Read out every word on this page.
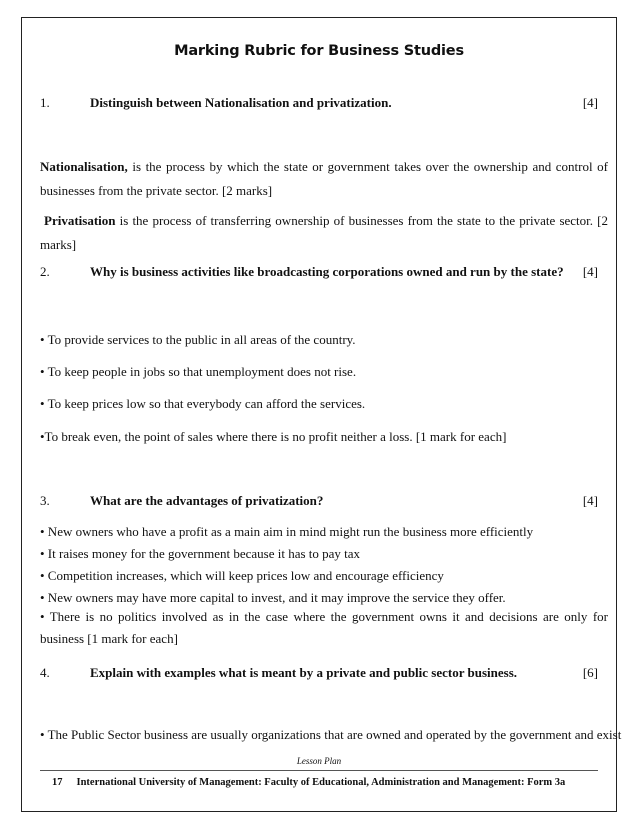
Marking Rubric for Business Studies
1.	Distinguish between Nationalisation and privatization.	[4]
Nationalisation, is the process by which the state or government takes over the ownership and control of businesses from the private sector. [2 marks]
Privatisation is the process of transferring ownership of businesses from the state to the private sector. [2 marks]
2.	Why is business activities like broadcasting corporations owned and run by the state? [4]
• To provide services to the public in all areas of the country.
• To keep people in jobs so that unemployment does not rise.
• To keep prices low so that everybody can afford the services.
•To break even, the point of sales where there is no profit neither a loss. [1 mark for each]
3.	What are the advantages of privatization?	[4]
• New owners who have a profit as a main aim in mind might run the business more efficiently
• It raises money for the government because it has to pay tax
• Competition increases, which will keep prices low and encourage efficiency
• New owners may have more capital to invest, and it may improve the service they offer.
• There is no politics involved as in the case where the government owns it and decisions are only for business [1 mark for each]
4.	Explain with examples what is meant by a private and public sector business.	[6]
• The Public Sector business are usually organizations that are owned and operated by the government and exist
Lesson Plan
17 International University of Management: Faculty of Educational, Administration and Management: Form 3a
